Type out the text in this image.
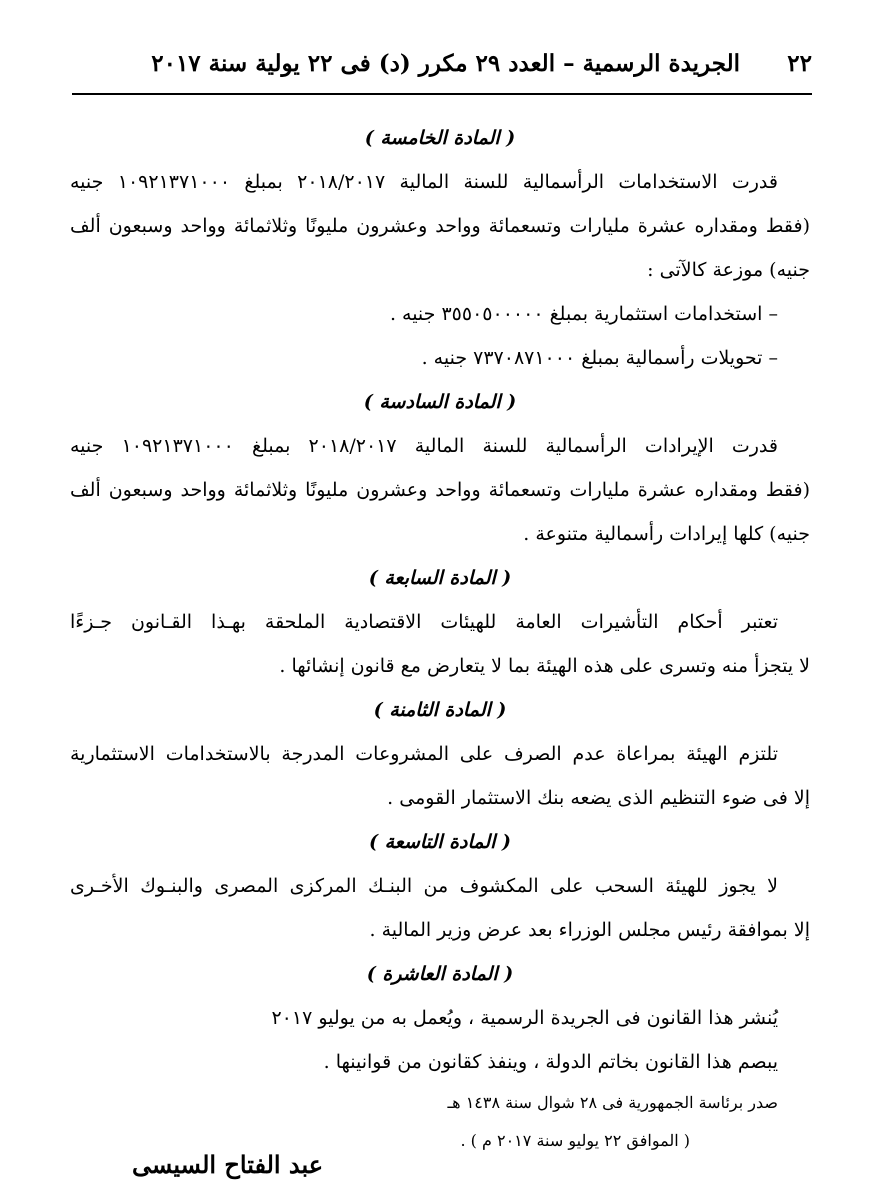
٢٢
الجريدة الرسمية – العدد ٢٩ مكرر (د) فى ٢٢ يولية سنة ٢٠١٧
( المادة الخامسة )
قدرت الاستخدامات الرأسمالية للسنة المالية ٢٠١٨/٢٠١٧ بمبلغ ١٠٩٢١٣٧١٠٠٠ جنيه
(فقط ومقداره عشرة مليارات وتسعمائة وواحد وعشرون مليونًا وثلاثمائة وواحد وسبعون ألف
جنيه) موزعة كالآتى :
– استخدامات استثمارية بمبلغ ٣٥٥٠٥٠٠٠٠٠ جنيه .
– تحويلات رأسمالية بمبلغ ٧٣٧٠٨٧١٠٠٠ جنيه .
( المادة السادسة )
قدرت الإيرادات الرأسمالية للسنة المالية ٢٠١٨/٢٠١٧ بمبلغ ١٠٩٢١٣٧١٠٠٠ جنيه
(فقط ومقداره عشرة مليارات وتسعمائة وواحد وعشرون مليونًا وثلاثمائة وواحد وسبعون ألف
جنيه) كلها إيرادات رأسمالية متنوعة .
( المادة السابعة )
تعتبر أحكام التأشيرات العامة للهيئات الاقتصادية الملحقة بهـذا القـانون جـزءًا
لا يتجزأ منه وتسرى على هذه الهيئة بما لا يتعارض مع قانون إنشائها .
( المادة الثامنة )
تلتزم الهيئة بمراعاة عدم الصرف على المشروعات المدرجة بالاستخدامات الاستثمارية
إلا فى ضوء التنظيم الذى يضعه بنك الاستثمار القومى .
( المادة التاسعة )
لا يجوز للهيئة السحب على المكشوف من البنـك المركزى المصرى والبنـوك الأخـرى
إلا بموافقة رئيس مجلس الوزراء بعد عرض وزير المالية .
( المادة العاشرة )
يُنشر هذا القانون فى الجريدة الرسمية ، ويُعمل به من يوليو ٢٠١٧
يبصم هذا القانون بخاتم الدولة ، وينفذ كقانون من قوانينها .
صدر برئاسة الجمهورية فى ٢٨ شوال سنة ١٤٣٨ هـ
( الموافق ٢٢ يوليو سنة ٢٠١٧ م ) .
عبد الفتاح السيسى
